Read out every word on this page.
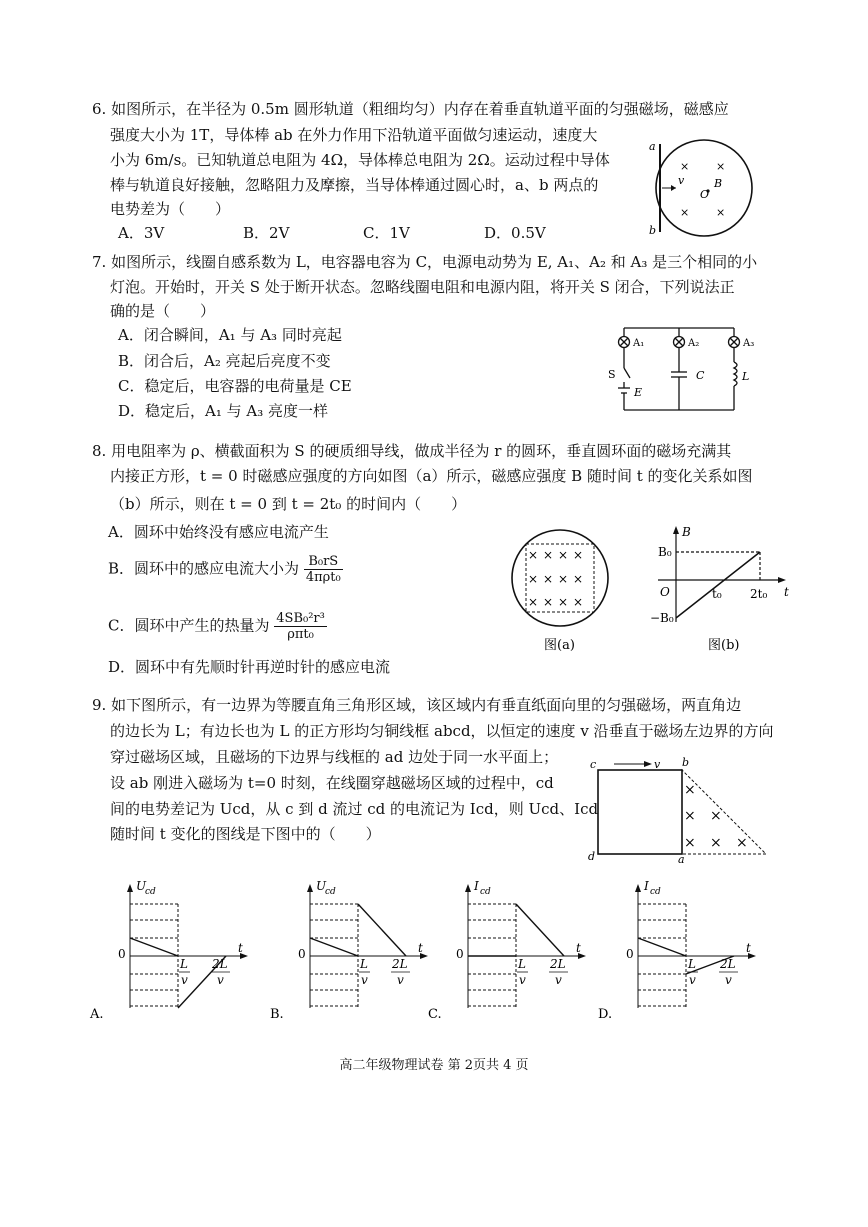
6. 如图所示，在半径为 0.5m 圆形轨道（粗细均匀）内存在着垂直轨道平面的匀强磁场，磁感应
强度大小为 1T，导体棒 ab 在外力作用下沿轨道平面做匀速运动，速度大
小为 6m/s。已知轨道总电阻为 4Ω，导体棒总电阻为 2Ω。运动过程中导体
棒与轨道良好接触，忽略阻力及摩擦，当导体棒通过圆心时，a、b 两点的
电势差为（　　）
A．3V	B．2V	C．1V	D．0.5V
a
b
× ×
× ×
B
O
v
7. 如图所示，线圈自感系数为 L，电容器电容为 C，电源电动势为 E, A₁、A₂ 和 A₃ 是三个相同的小
灯泡。开始时，开关 S 处于断开状态。忽略线圈电阻和电源内阻，将开关 S 闭合，下列说法正
确的是（　　）
A．闭合瞬间，A₁ 与 A₃ 同时亮起
B．闭合后，A₂ 亮起后亮度不变
C．稳定后，电容器的电荷量是 CE
D．稳定后，A₁ 与 A₃ 亮度一样
A₁	A₂	A₃
S	C	L
E
8. 用电阻率为 ρ、横截面积为 S 的硬质细导线，做成半径为 r 的圆环，垂直圆环面的磁场充满其
内接正方形，t = 0 时磁感应强度的方向如图（a）所示，磁感应强度 B 随时间 t 的变化关系如图
（b）所示，则在 t = 0 到 t = 2t₀ 的时间内（　　）
A．圆环中始终没有感应电流产生
B．圆环中的感应电流大小为 $\frac{\text{B₀rS}}{\text{4πρt₀}}$
C．圆环中产生的热量为 $\frac{\text{4SB₀²r³}}{\text{ρπt₀}}$
D．圆环中有先顺时针再逆时针的感应电流
× × × ×
× × × ×
× × × ×
图(a)
B
B₀
O
−B₀
t₀ 2t₀ t
图(b)
9. 如下图所示，有一边界为等腰直角三角形区域，该区域内有垂直纸面向里的匀强磁场，两直角边
的边长为 L；有边长也为 L 的正方形均匀铜线框 abcd，以恒定的速度 v 沿垂直于磁场左边界的方向
穿过磁场区域，且磁场的下边界与线框的 ad 边处于同一水平面上；
设 ab 刚进入磁场为 t=0 时刻，在线圈穿越磁场区域的过程中，cd
间的电势差记为 Ucd，从 c 到 d 流过 cd 的电流记为 Icd，则 Ucd、Icd
随时间 t 变化的图线是下图中的（　　）
×
× ×
× × ×
c	v b
d	a
A.
U
cd
0
L
v
2L
v
t
B.
U
cd
0
L
v
2L
v
t
C.
I cd
0
L
v
2L
v
t
D.
I cd
0
L
v
2L
v
t
高二年级物理试卷 第 2页共 4 页
